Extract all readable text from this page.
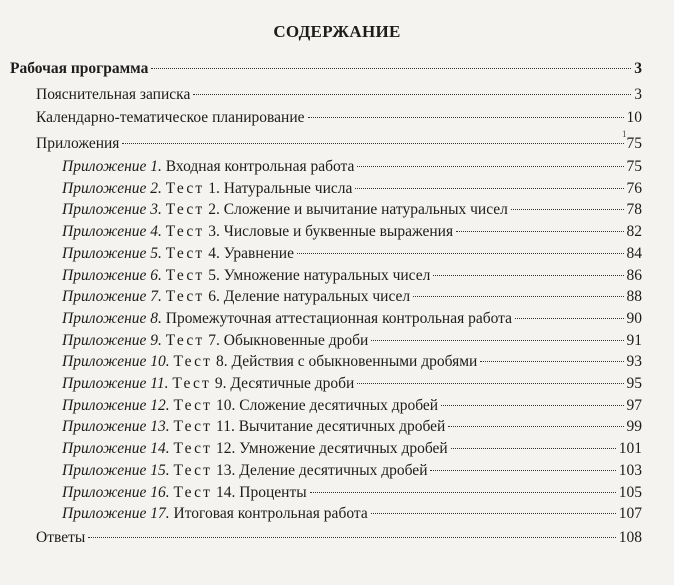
СОДЕРЖАНИЕ
Рабочая программа	3
Пояснительная записка	3
Календарно-тематическое планирование	10
Приложения	75
Приложение 1. Входная контрольная работа	75
Приложение 2. Тест 1. Натуральные числа	76
Приложение 3. Тест 2. Сложение и вычитание натуральных чисел	78
Приложение 4. Тест 3. Числовые и буквенные выражения	82
Приложение 5. Тест 4. Уравнение	84
Приложение 6. Тест 5. Умножение натуральных чисел	86
Приложение 7. Тест 6. Деление натуральных чисел	88
Приложение 8. Промежуточная аттестационная контрольная работа	90
Приложение 9. Тест 7. Обыкновенные дроби	91
Приложение 10. Тест 8. Действия с обыкновенными дробями	93
Приложение 11. Тест 9. Десятичные дроби	95
Приложение 12. Тест 10. Сложение десятичных дробей	97
Приложение 13. Тест 11. Вычитание десятичных дробей	99
Приложение 14. Тест 12. Умножение десятичных дробей	101
Приложение 15. Тест 13. Деление десятичных дробей	103
Приложение 16. Тест 14. Проценты	105
Приложение 17. Итоговая контрольная работа	107
Ответы	108
1
